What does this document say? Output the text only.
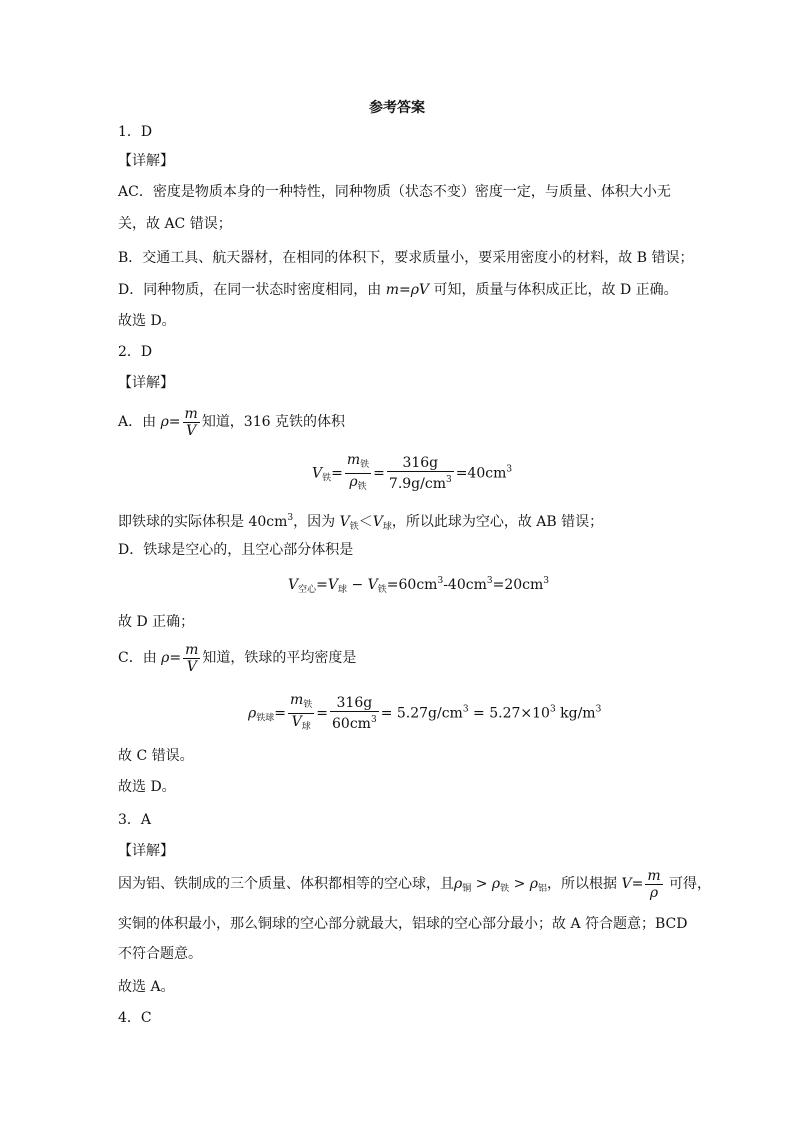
参考答案
1．D
【详解】
AC．密度是物质本身的一种特性，同种物质（状态不变）密度一定，与质量、体积大小无
关，故 AC 错误；
B．交通工具、航天器材，在相同的体积下，要求质量小，要采用密度小的材料，故 B 错误；
D．同种物质，在同一状态时密度相同，由 m=ρV 可知，质量与体积成正比，故 D 正确。
故选 D。
2．D
【详解】
A．由 $\rho= \frac{m}{V}$ 知道，316 克铁的体积
$V_铁= \frac{m_铁}{\rho_铁} = \frac{316g}{7.9g/cm^3} =40cm^3$
即铁球的实际体积是 $40cm^3$，因为 $V_铁<V_球$，所以此球为空心，故 AB 错误；
D．铁球是空心的，且空心部分体积是
$V_{空心}=V_球 - V_铁=60cm^3-40cm^3=20cm^3$
故 D 正确；
C．由 $\rho= \frac{m}{V}$ 知道，铁球的平均密度是
$\rho_{铁球}= \frac{m_铁}{V_球} = \frac{316g}{60cm^3} = 5.27g/cm^3 = 5.27\times 10^3$ $kg/m^3$
故 C 错误。
故选 D。
3．A
【详解】
因为铝、铁制成的三个质量、体积都相等的空心球，且$\rho_铜 > \rho_铁 > \rho_铝$，所以根据 $V= \frac{m}{\rho}$ 可得，
实铜的体积最小，那么铜球的空心部分就最大，铝球的空心部分最小；故 A 符合题意；BCD
不符合题意。
故选 A。
4．C
